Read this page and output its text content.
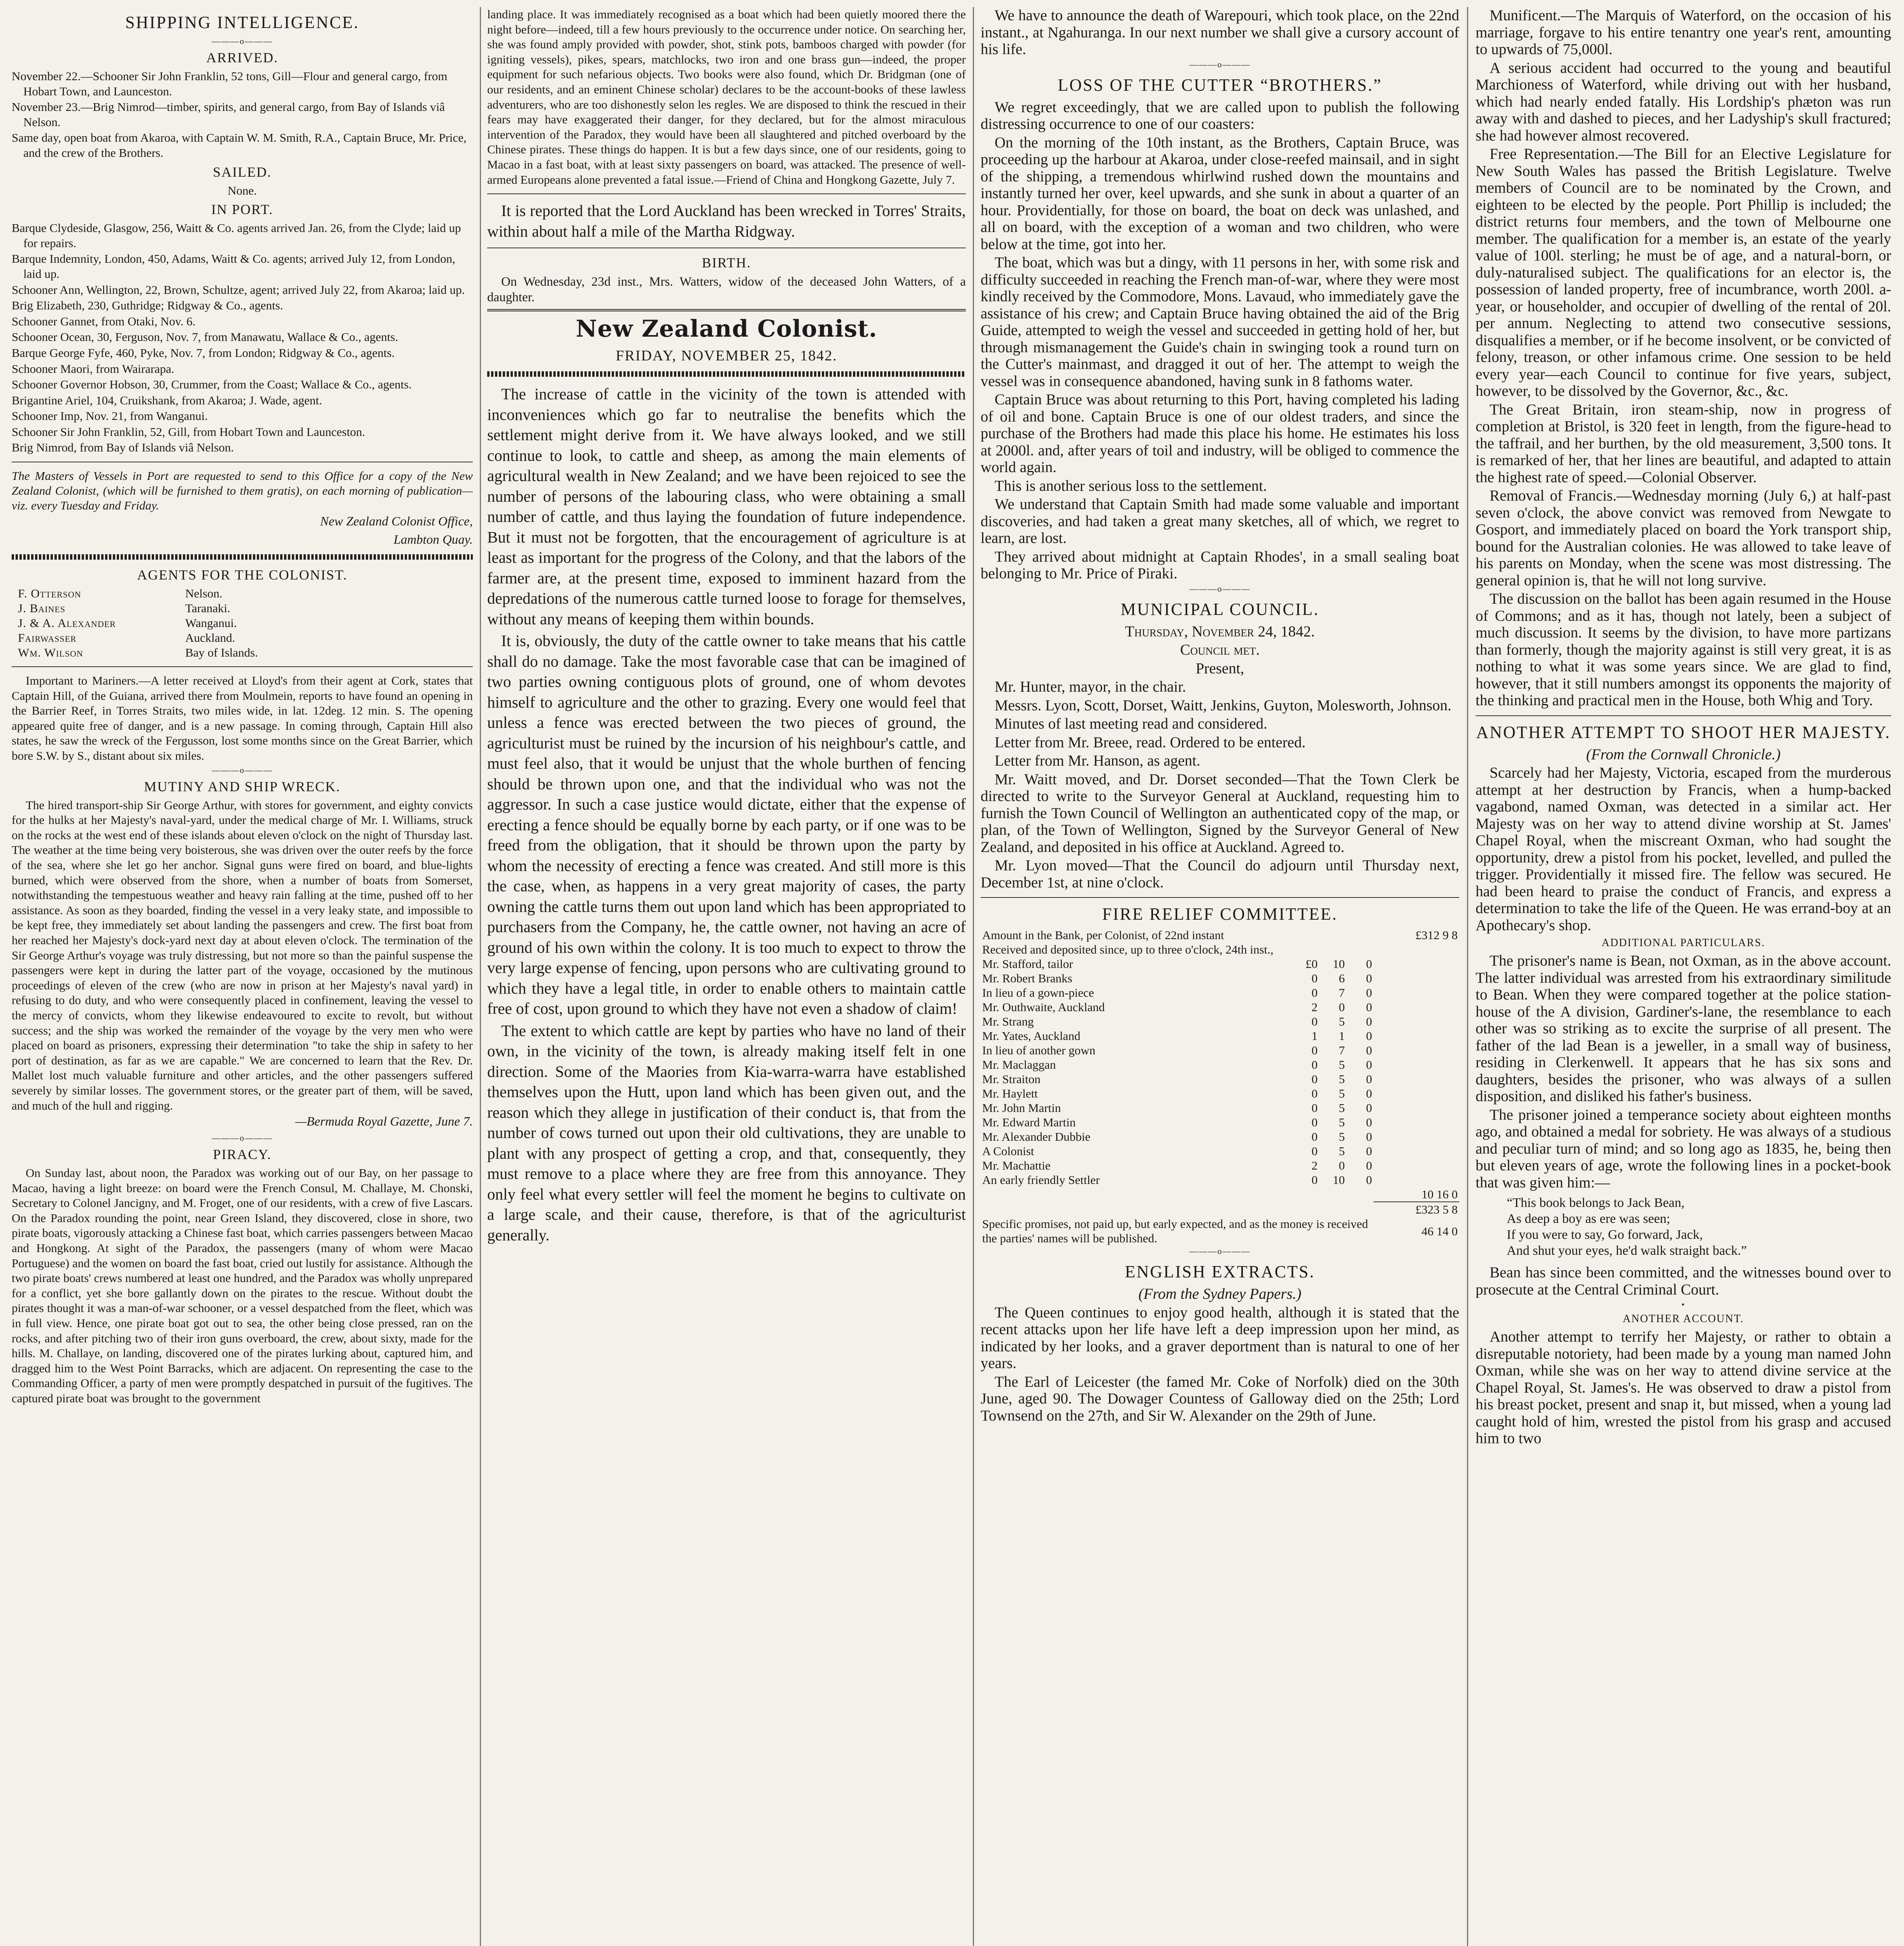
SHIPPING INTELLIGENCE.
———o———
ARRIVED.

November 22.—Schooner Sir John Franklin, 52 tons, Gill—Flour and general cargo, from Hobart Town, and Launceston.

November 23.—Brig Nimrod—timber, spirits, and general cargo, from Bay of Islands viâ Nelson.

Same day, open boat from Akaroa, with Captain W. M. Smith, R.A., Captain Bruce, Mr. Price, and the crew of the Brothers.

SAILED.

None.

IN PORT.

Barque Clydeside, Glasgow, 256, Waitt & Co. agents arrived Jan. 26, from the Clyde; laid up for repairs.

Barque Indemnity, London, 450, Adams, Waitt & Co. agents; arrived July 12, from London, laid up.

Schooner Ann, Wellington, 22, Brown, Schultze, agent; arrived July 22, from Akaroa; laid up.

Brig Elizabeth, 230, Guthridge; Ridgway & Co., agents.

Schooner Gannet, from Otaki, Nov. 6.

Schooner Ocean, 30, Ferguson, Nov. 7, from Manawatu, Wallace & Co., agents.

Barque George Fyfe, 460, Pyke, Nov. 7, from London; Ridgway & Co., agents.

Schooner Maori, from Wairarapa.

Schooner Governor Hobson, 30, Crummer, from the Coast; Wallace & Co., agents.

Brigantine Ariel, 104, Cruikshank, from Akaroa; J. Wade, agent.

Schooner Imp, Nov. 21, from Wanganui.

Schooner Sir John Franklin, 52, Gill, from Hobart Town and Launceston.

Brig Nimrod, from Bay of Islands viâ Nelson.

The Masters of Vessels in Port are requested to send to this Office for a copy of the New Zealand Colonist, (which will be furnished to them gratis), on each morning of publication—viz. every Tuesday and Friday.

New Zealand Colonist Office,
Lambton Quay.
AGENTS FOR THE COLONIST.
F. Otterson	Nelson.
J. Baines	Taranaki.
J. & A. Alexander	Wanganui.
Fairwasser	Auckland.
Wm. Wilson	Bay of Islands.

Important to Mariners.—A letter received at Lloyd's from their agent at Cork, states that Captain Hill, of the Guiana, arrived there from Moulmein, reports to have found an opening in the Barrier Reef, in Torres Straits, two miles wide, in lat. 12deg. 12 min. S. The opening appeared quite free of danger, and is a new passage. In coming through, Captain Hill also states, he saw the wreck of the Fergusson, lost some months since on the Great Barrier, which bore S.W. by S., distant about six miles.

———o———
MUTINY AND SHIP WRECK.

The hired transport-ship Sir George Arthur, with stores for government, and eighty convicts for the hulks at her Majesty's naval-yard, under the medical charge of Mr. I. Williams, struck on the rocks at the west end of these islands about eleven o'clock on the night of Thursday last. The weather at the time being very boisterous, she was driven over the outer reefs by the force of the sea, where she let go her anchor. Signal guns were fired on board, and blue-lights burned, which were observed from the shore, when a number of boats from Somerset, notwithstanding the tempestuous weather and heavy rain falling at the time, pushed off to her assistance. As soon as they boarded, finding the vessel in a very leaky state, and impossible to be kept free, they immediately set about landing the passengers and crew. The first boat from her reached her Majesty's dock-yard next day at about eleven o'clock. The termination of the Sir George Arthur's voyage was truly distressing, but not more so than the painful suspense the passengers were kept in during the latter part of the voyage, occasioned by the mutinous proceedings of eleven of the crew (who are now in prison at her Majesty's naval yard) in refusing to do duty, and who were consequently placed in confinement, leaving the vessel to the mercy of convicts, whom they likewise endeavoured to excite to revolt, but without success; and the ship was worked the remainder of the voyage by the very men who were placed on board as prisoners, expressing their determination "to take the ship in safety to her port of destination, as far as we are capable." We are concerned to learn that the Rev. Dr. Mallet lost much valuable furniture and other articles, and the other passengers suffered severely by similar losses. The government stores, or the greater part of them, will be saved, and much of the hull and rigging.

—Bermuda Royal Gazette, June 7.
———o———
PIRACY.

On Sunday last, about noon, the Paradox was working out of our Bay, on her passage to Macao, having a light breeze: on board were the French Consul, M. Challaye, M. Chonski, Secretary to Colonel Jancigny, and M. Froget, one of our residents, with a crew of five Lascars. On the Paradox rounding the point, near Green Island, they discovered, close in shore, two pirate boats, vigorously attacking a Chinese fast boat, which carries passengers between Macao and Hongkong. At sight of the Paradox, the passengers (many of whom were Macao Portuguese) and the women on board the fast boat, cried out lustily for assistance. Although the two pirate boats' crews numbered at least one hundred, and the Paradox was wholly unprepared for a conflict, yet she bore gallantly down on the pirates to the rescue. Without doubt the pirates thought it was a man-of-war schooner, or a vessel despatched from the fleet, which was in full view. Hence, one pirate boat got out to sea, the other being close pressed, ran on the rocks, and after pitching two of their iron guns overboard, the crew, about sixty, made for the hills. M. Challaye, on landing, discovered one of the pirates lurking about, captured him, and dragged him to the West Point Barracks, which are adjacent. On representing the case to the Commanding Officer, a party of men were promptly despatched in pursuit of the fugitives. The captured pirate boat was brought to the government

landing place. It was immediately recognised as a boat which had been quietly moored there the night before—indeed, till a few hours previously to the occurrence under notice. On searching her, she was found amply provided with powder, shot, stink pots, bamboos charged with powder (for igniting vessels), pikes, spears, matchlocks, two iron and one brass gun—indeed, the proper equipment for such nefarious objects. Two books were also found, which Dr. Bridgman (one of our residents, and an eminent Chinese scholar) declares to be the account-books of these lawless adventurers, who are too dishonestly selon les regles. We are disposed to think the rescued in their fears may have exaggerated their danger, for they declared, but for the almost miraculous intervention of the Paradox, they would have been all slaughtered and pitched overboard by the Chinese pirates. These things do happen. It is but a few days since, one of our residents, going to Macao in a fast boat, with at least sixty passengers on board, was attacked. The presence of well-armed Europeans alone prevented a fatal issue.—Friend of China and Hongkong Gazette, July 7.

It is reported that the Lord Auckland has been wrecked in Torres' Straits, within about half a mile of the Martha Ridgway.

BIRTH.

On Wednesday, 23d inst., Mrs. Watters, widow of the deceased John Watters, of a daughter.

New Zealand Colonist.
FRIDAY, NOVEMBER 25, 1842.

The increase of cattle in the vicinity of the town is attended with inconveniences which go far to neutralise the benefits which the settlement might derive from it. We have always looked, and we still continue to look, to cattle and sheep, as among the main elements of agricultural wealth in New Zealand; and we have been rejoiced to see the number of persons of the labouring class, who were obtaining a small number of cattle, and thus laying the foundation of future independence. But it must not be forgotten, that the encouragement of agriculture is at least as important for the progress of the Colony, and that the labors of the farmer are, at the present time, exposed to imminent hazard from the depredations of the numerous cattle turned loose to forage for themselves, without any means of keeping them within bounds.

It is, obviously, the duty of the cattle owner to take means that his cattle shall do no damage. Take the most favorable case that can be imagined of two parties owning contiguous plots of ground, one of whom devotes himself to agriculture and the other to grazing. Every one would feel that unless a fence was erected between the two pieces of ground, the agriculturist must be ruined by the incursion of his neighbour's cattle, and must feel also, that it would be unjust that the whole burthen of fencing should be thrown upon one, and that the individual who was not the aggressor. In such a case justice would dictate, either that the expense of erecting a fence should be equally borne by each party, or if one was to be freed from the obligation, that it should be thrown upon the party by whom the necessity of erecting a fence was created. And still more is this the case, when, as happens in a very great majority of cases, the party owning the cattle turns them out upon land which has been appropriated to purchasers from the Company, he, the cattle owner, not having an acre of ground of his own within the colony. It is too much to expect to throw the very large expense of fencing, upon persons who are cultivating ground to which they have a legal title, in order to enable others to maintain cattle free of cost, upon ground to which they have not even a shadow of claim!

The extent to which cattle are kept by parties who have no land of their own, in the vicinity of the town, is already making itself felt in one direction. Some of the Maories from Kia-warra-warra have established themselves upon the Hutt, upon land which has been given out, and the reason which they allege in justification of their conduct is, that from the number of cows turned out upon their old cultivations, they are unable to plant with any prospect of getting a crop, and that, consequently, they must remove to a place where they are free from this annoyance. They only feel what every settler will feel the moment he begins to cultivate on a large scale, and their cause, therefore, is that of the agriculturist generally.

We have to announce the death of Warepouri, which took place, on the 22nd instant., at Ngahuranga. In our next number we shall give a cursory account of his life.

———o———
LOSS OF THE CUTTER “BROTHERS.”

We regret exceedingly, that we are called upon to publish the following distressing occurrence to one of our coasters:

On the morning of the 10th instant, as the Brothers, Captain Bruce, was proceeding up the harbour at Akaroa, under close-reefed mainsail, and in sight of the shipping, a tremendous whirlwind rushed down the mountains and instantly turned her over, keel upwards, and she sunk in about a quarter of an hour. Providentially, for those on board, the boat on deck was unlashed, and all on board, with the exception of a woman and two children, who were below at the time, got into her.

The boat, which was but a dingy, with 11 persons in her, with some risk and difficulty succeeded in reaching the French man-of-war, where they were most kindly received by the Commodore, Mons. Lavaud, who immediately gave the assistance of his crew; and Captain Bruce having obtained the aid of the Brig Guide, attempted to weigh the vessel and succeeded in getting hold of her, but through mismanagement the Guide's chain in swinging took a round turn on the Cutter's mainmast, and dragged it out of her. The attempt to weigh the vessel was in consequence abandoned, having sunk in 8 fathoms water.

Captain Bruce was about returning to this Port, having completed his lading of oil and bone. Captain Bruce is one of our oldest traders, and since the purchase of the Brothers had made this place his home. He estimates his loss at 2000l. and, after years of toil and industry, will be obliged to commence the world again.

This is another serious loss to the settlement.

We understand that Captain Smith had made some valuable and important discoveries, and had taken a great many sketches, all of which, we regret to learn, are lost.

They arrived about midnight at Captain Rhodes', in a small sealing boat belonging to Mr. Price of Piraki.

———o———
MUNICIPAL COUNCIL.

Thursday, November 24, 1842.

Council met.

Present,

Mr. Hunter, mayor, in the chair.

Messrs. Lyon, Scott, Dorset, Waitt, Jenkins, Guyton, Molesworth, Johnson.

Minutes of last meeting read and considered.

Letter from Mr. Breee, read. Ordered to be entered.

Letter from Mr. Hanson, as agent.

Mr. Waitt moved, and Dr. Dorset seconded—That the Town Clerk be directed to write to the Surveyor General at Auckland, requesting him to furnish the Town Council of Wellington an authenticated copy of the map, or plan, of the Town of Wellington, Signed by the Surveyor General of New Zealand, and deposited in his office at Auckland. Agreed to.

Mr. Lyon moved—That the Council do adjourn until Thursday next, December 1st, at nine o'clock.

FIRE RELIEF COMMITTEE.
Amount in the Bank, per Colonist, of 22nd instant				£312 9 8
Received and deposited since, up to three o'clock, 24th inst.,				
Mr. Stafford, tailor	£0	10	0	
Mr. Robert Branks	0	6	0	
In lieu of a gown-piece	0	7	0	
Mr. Outhwaite, Auckland	2	0	0	
Mr. Strang	0	5	0	
Mr. Yates, Auckland	1	1	0	
In lieu of another gown	0	7	0	
Mr. Maclaggan	0	5	0	
Mr. Straiton	0	5	0	
Mr. Haylett	0	5	0	
Mr. John Martin	0	5	0	
Mr. Edward Martin	0	5	0	
Mr. Alexander Dubbie	0	5	0	
A Colonist	0	5	0	
Mr. Machattie	2	0	0	
An early friendly Settler	0	10	0	
				10 16 0
				£323 5 8
Specific promises, not paid up, but early expected, and as the money is received the parties' names will be published.				46 14 0
———o———
ENGLISH EXTRACTS.

(From the Sydney Papers.)

The Queen continues to enjoy good health, although it is stated that the recent attacks upon her life have left a deep impression upon her mind, as indicated by her looks, and a graver deportment than is natural to one of her years.

The Earl of Leicester (the famed Mr. Coke of Norfolk) died on the 30th June, aged 90. The Dowager Countess of Galloway died on the 25th; Lord Townsend on the 27th, and Sir W. Alexander on the 29th of June.

Munificent.—The Marquis of Waterford, on the occasion of his marriage, forgave to his entire tenantry one year's rent, amounting to upwards of 75,000l.

A serious accident had occurred to the young and beautiful Marchioness of Waterford, while driving out with her husband, which had nearly ended fatally. His Lordship's phæton was run away with and dashed to pieces, and her Ladyship's skull fractured; she had however almost recovered.

Free Representation.—The Bill for an Elective Legislature for New South Wales has passed the British Legislature. Twelve members of Council are to be nominated by the Crown, and eighteen to be elected by the people. Port Phillip is included; the district returns four members, and the town of Melbourne one member. The qualification for a member is, an estate of the yearly value of 100l. sterling; he must be of age, and a natural-born, or duly-naturalised subject. The qualifications for an elector is, the possession of landed property, free of incumbrance, worth 200l. a-year, or householder, and occupier of dwelling of the rental of 20l. per annum. Neglecting to attend two consecutive sessions, disqualifies a member, or if he become insolvent, or be convicted of felony, treason, or other infamous crime. One session to be held every year—each Council to continue for five years, subject, however, to be dissolved by the Governor, &c., &c.

The Great Britain, iron steam-ship, now in progress of completion at Bristol, is 320 feet in length, from the figure-head to the taffrail, and her burthen, by the old measurement, 3,500 tons. It is remarked of her, that her lines are beautiful, and adapted to attain the highest rate of speed.—Colonial Observer.

Removal of Francis.—Wednesday morning (July 6,) at half-past seven o'clock, the above convict was removed from Newgate to Gosport, and immediately placed on board the York transport ship, bound for the Australian colonies. He was allowed to take leave of his parents on Monday, when the scene was most distressing. The general opinion is, that he will not long survive.

The discussion on the ballot has been again resumed in the House of Commons; and as it has, though not lately, been a subject of much discussion. It seems by the division, to have more partizans than formerly, though the majority against is still very great, it is as nothing to what it was some years since. We are glad to find, however, that it still numbers amongst its opponents the majority of the thinking and practical men in the House, both Whig and Tory.

ANOTHER ATTEMPT TO SHOOT HER MAJESTY.

(From the Cornwall Chronicle.)

Scarcely had her Majesty, Victoria, escaped from the murderous attempt at her destruction by Francis, when a hump-backed vagabond, named Oxman, was detected in a similar act. Her Majesty was on her way to attend divine worship at St. James' Chapel Royal, when the miscreant Oxman, who had sought the opportunity, drew a pistol from his pocket, levelled, and pulled the trigger. Providentially it missed fire. The fellow was secured. He had been heard to praise the conduct of Francis, and express a determination to take the life of the Queen. He was errand-boy at an Apothecary's shop.

ADDITIONAL PARTICULARS.

The prisoner's name is Bean, not Oxman, as in the above account. The latter individual was arrested from his extraordinary similitude to Bean. When they were compared together at the police station-house of the A division, Gardiner's-lane, the resemblance to each other was so striking as to excite the surprise of all present. The father of the lad Bean is a jeweller, in a small way of business, residing in Clerkenwell. It appears that he has six sons and daughters, besides the prisoner, who was always of a sullen disposition, and disliked his father's business.

The prisoner joined a temperance society about eighteen months ago, and obtained a medal for sobriety. He was always of a studious and peculiar turn of mind; and so long ago as 1835, he, being then but eleven years of age, wrote the following lines in a pocket-book that was given him:—

“This book belongs to Jack Bean,
As deep a boy as ere was seen;
If you were to say, Go forward, Jack,
And shut your eyes, he'd walk straight back.”

Bean has since been committed, and the witnesses bound over to prosecute at the Central Criminal Court.

•
ANOTHER ACCOUNT.

Another attempt to terrify her Majesty, or rather to obtain a disreputable notoriety, had been made by a young man named John Oxman, while she was on her way to attend divine service at the Chapel Royal, St. James's. He was observed to draw a pistol from his breast pocket, present and snap it, but missed, when a young lad caught hold of him, wrested the pistol from his grasp and accused him to two
